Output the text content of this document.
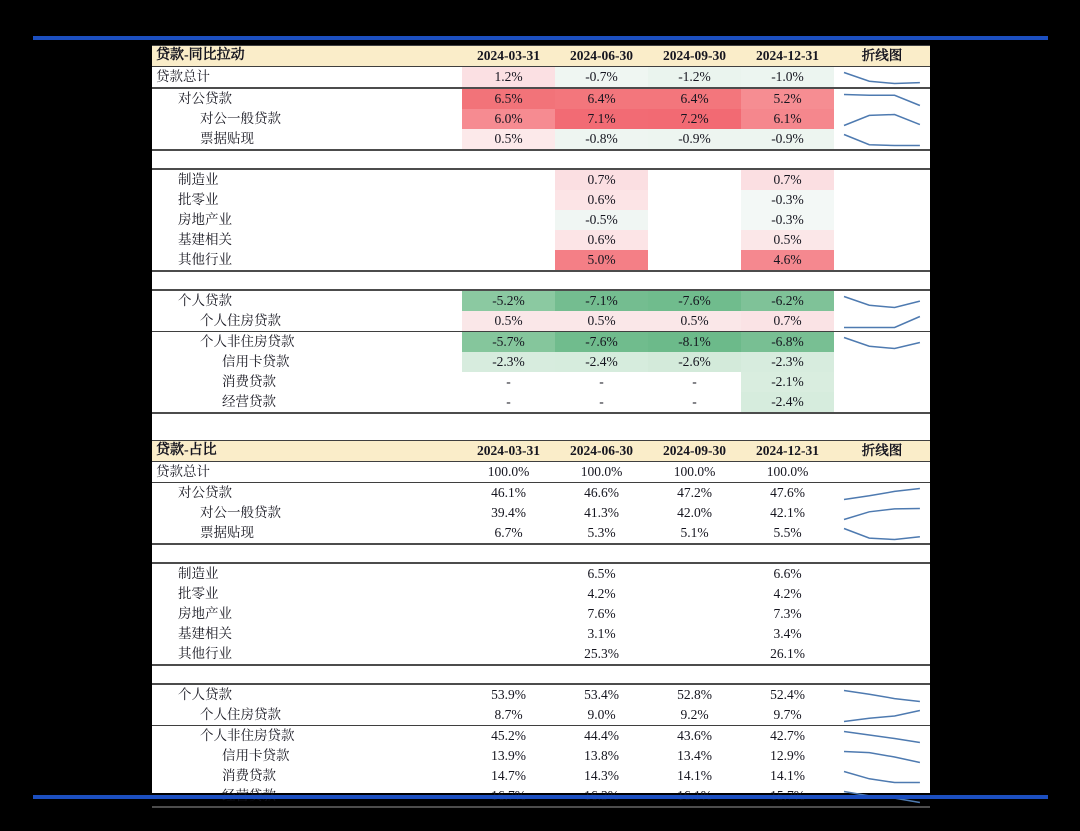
贷款-同比拉动	2024-03-31	2024-06-30	2024-09-30	2024-12-31	折线图
贷款总计	1.2%	-0.7%	-1.2%	-1.0%	

对公贷款	6.5%	6.4%	6.4%	5.2%	

对公一般贷款	6.0%	7.1%	7.2%	6.1%	

票据贴现	0.5%	-0.8%	-0.9%	-0.9%	

制造业		0.7%		0.7%	
批零业		0.6%		-0.3%	
房地产业		-0.5%		-0.3%	
基建相关		0.6%		0.5%	
其他行业		5.0%		4.6%	

个人贷款	-5.2%	-7.1%	-7.6%	-6.2%	

个人住房贷款	0.5%	0.5%	0.5%	0.7%	

个人非住房贷款	-5.7%	-7.6%	-8.1%	-6.8%	

信用卡贷款	-2.3%	-2.4%	-2.6%	-2.3%	
消费贷款	-	-	-	-2.1%	
经营贷款	-	-	-	-2.4%	
贷款-占比	2024-03-31	2024-06-30	2024-09-30	2024-12-31	折线图
贷款总计	100.0%	100.0%	100.0%	100.0%	
对公贷款	46.1%	46.6%	47.2%	47.6%	

对公一般贷款	39.4%	41.3%	42.0%	42.1%	

票据贴现	6.7%	5.3%	5.1%	5.5%	

制造业		6.5%		6.6%	
批零业		4.2%		4.2%	
房地产业		7.6%		7.3%	
基建相关		3.1%		3.4%	
其他行业		25.3%		26.1%	

个人贷款	53.9%	53.4%	52.8%	52.4%	

个人住房贷款	8.7%	9.0%	9.2%	9.7%	

个人非住房贷款	45.2%	44.4%	43.6%	42.7%	

信用卡贷款	13.9%	13.8%	13.4%	12.9%	

消费贷款	14.7%	14.3%	14.1%	14.1%	
